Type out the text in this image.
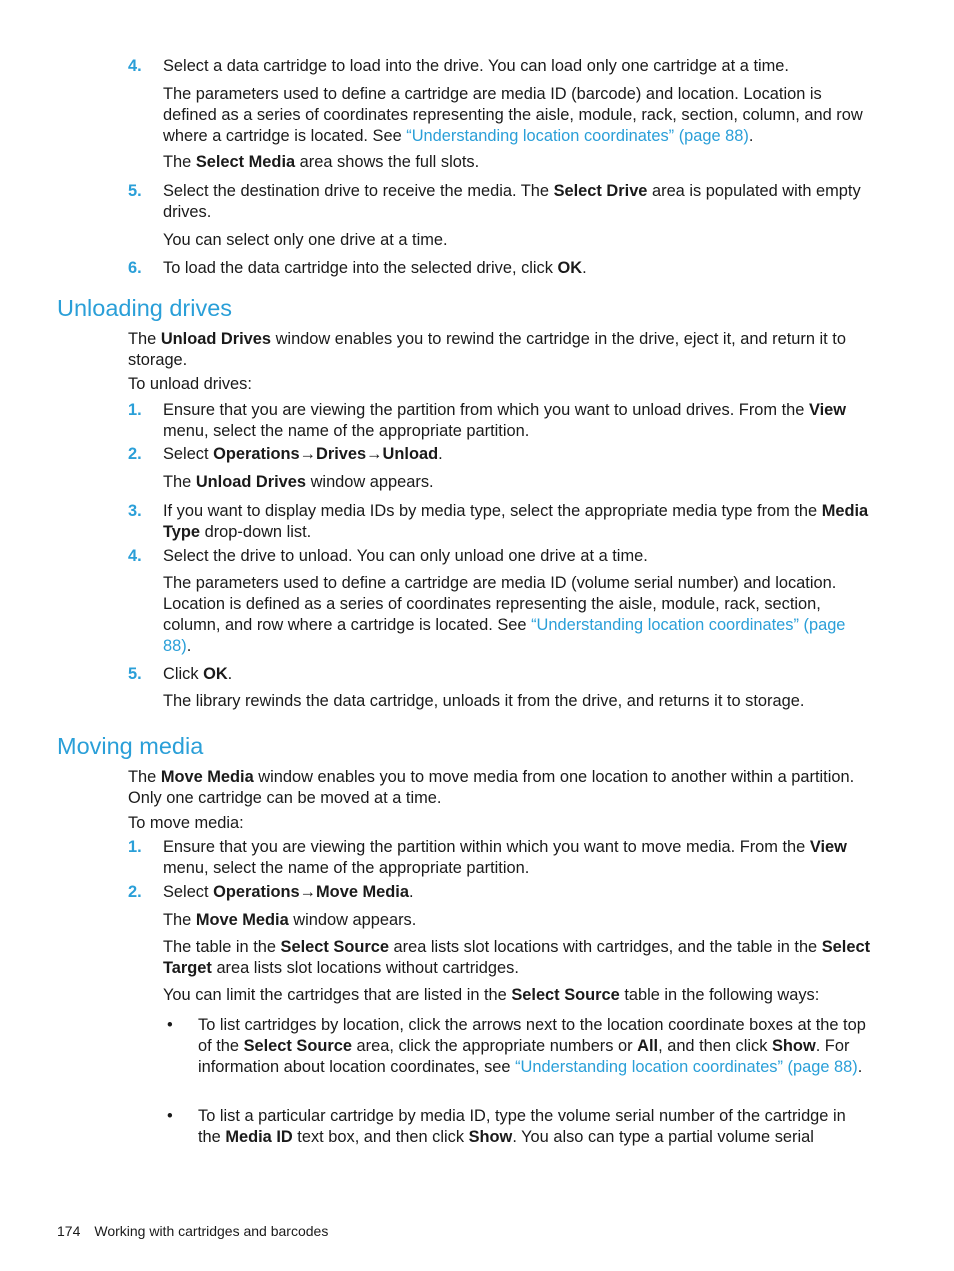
4. Select a data cartridge to load into the drive. You can load only one cartridge at a time.
The parameters used to define a cartridge are media ID (barcode) and location. Location is defined as a series of coordinates representing the aisle, module, rack, section, column, and row where a cartridge is located. See “Understanding location coordinates” (page 88).
The Select Media area shows the full slots.
5. Select the destination drive to receive the media. The Select Drive area is populated with empty drives.
You can select only one drive at a time.
6. To load the data cartridge into the selected drive, click OK.
Unloading drives
The Unload Drives window enables you to rewind the cartridge in the drive, eject it, and return it to storage.
To unload drives:
1. Ensure that you are viewing the partition from which you want to unload drives. From the View menu, select the name of the appropriate partition.
2. Select Operations→Drives→Unload.
The Unload Drives window appears.
3. If you want to display media IDs by media type, select the appropriate media type from the Media Type drop-down list.
4. Select the drive to unload. You can only unload one drive at a time.
The parameters used to define a cartridge are media ID (volume serial number) and location. Location is defined as a series of coordinates representing the aisle, module, rack, section, column, and row where a cartridge is located. See “Understanding location coordinates” (page 88).
5. Click OK.
The library rewinds the data cartridge, unloads it from the drive, and returns it to storage.
Moving media
The Move Media window enables you to move media from one location to another within a partition. Only one cartridge can be moved at a time.
To move media:
1. Ensure that you are viewing the partition within which you want to move media. From the View menu, select the name of the appropriate partition.
2. Select Operations→Move Media.
The Move Media window appears.
The table in the Select Source area lists slot locations with cartridges, and the table in the Select Target area lists slot locations without cartridges.
You can limit the cartridges that are listed in the Select Source table in the following ways:
• To list cartridges by location, click the arrows next to the location coordinate boxes at the top of the Select Source area, click the appropriate numbers or All, and then click Show. For information about location coordinates, see “Understanding location coordinates” (page 88).
• To list a particular cartridge by media ID, type the volume serial number of the cartridge in the Media ID text box, and then click Show. You also can type a partial volume serial
174 Working with cartridges and barcodes
